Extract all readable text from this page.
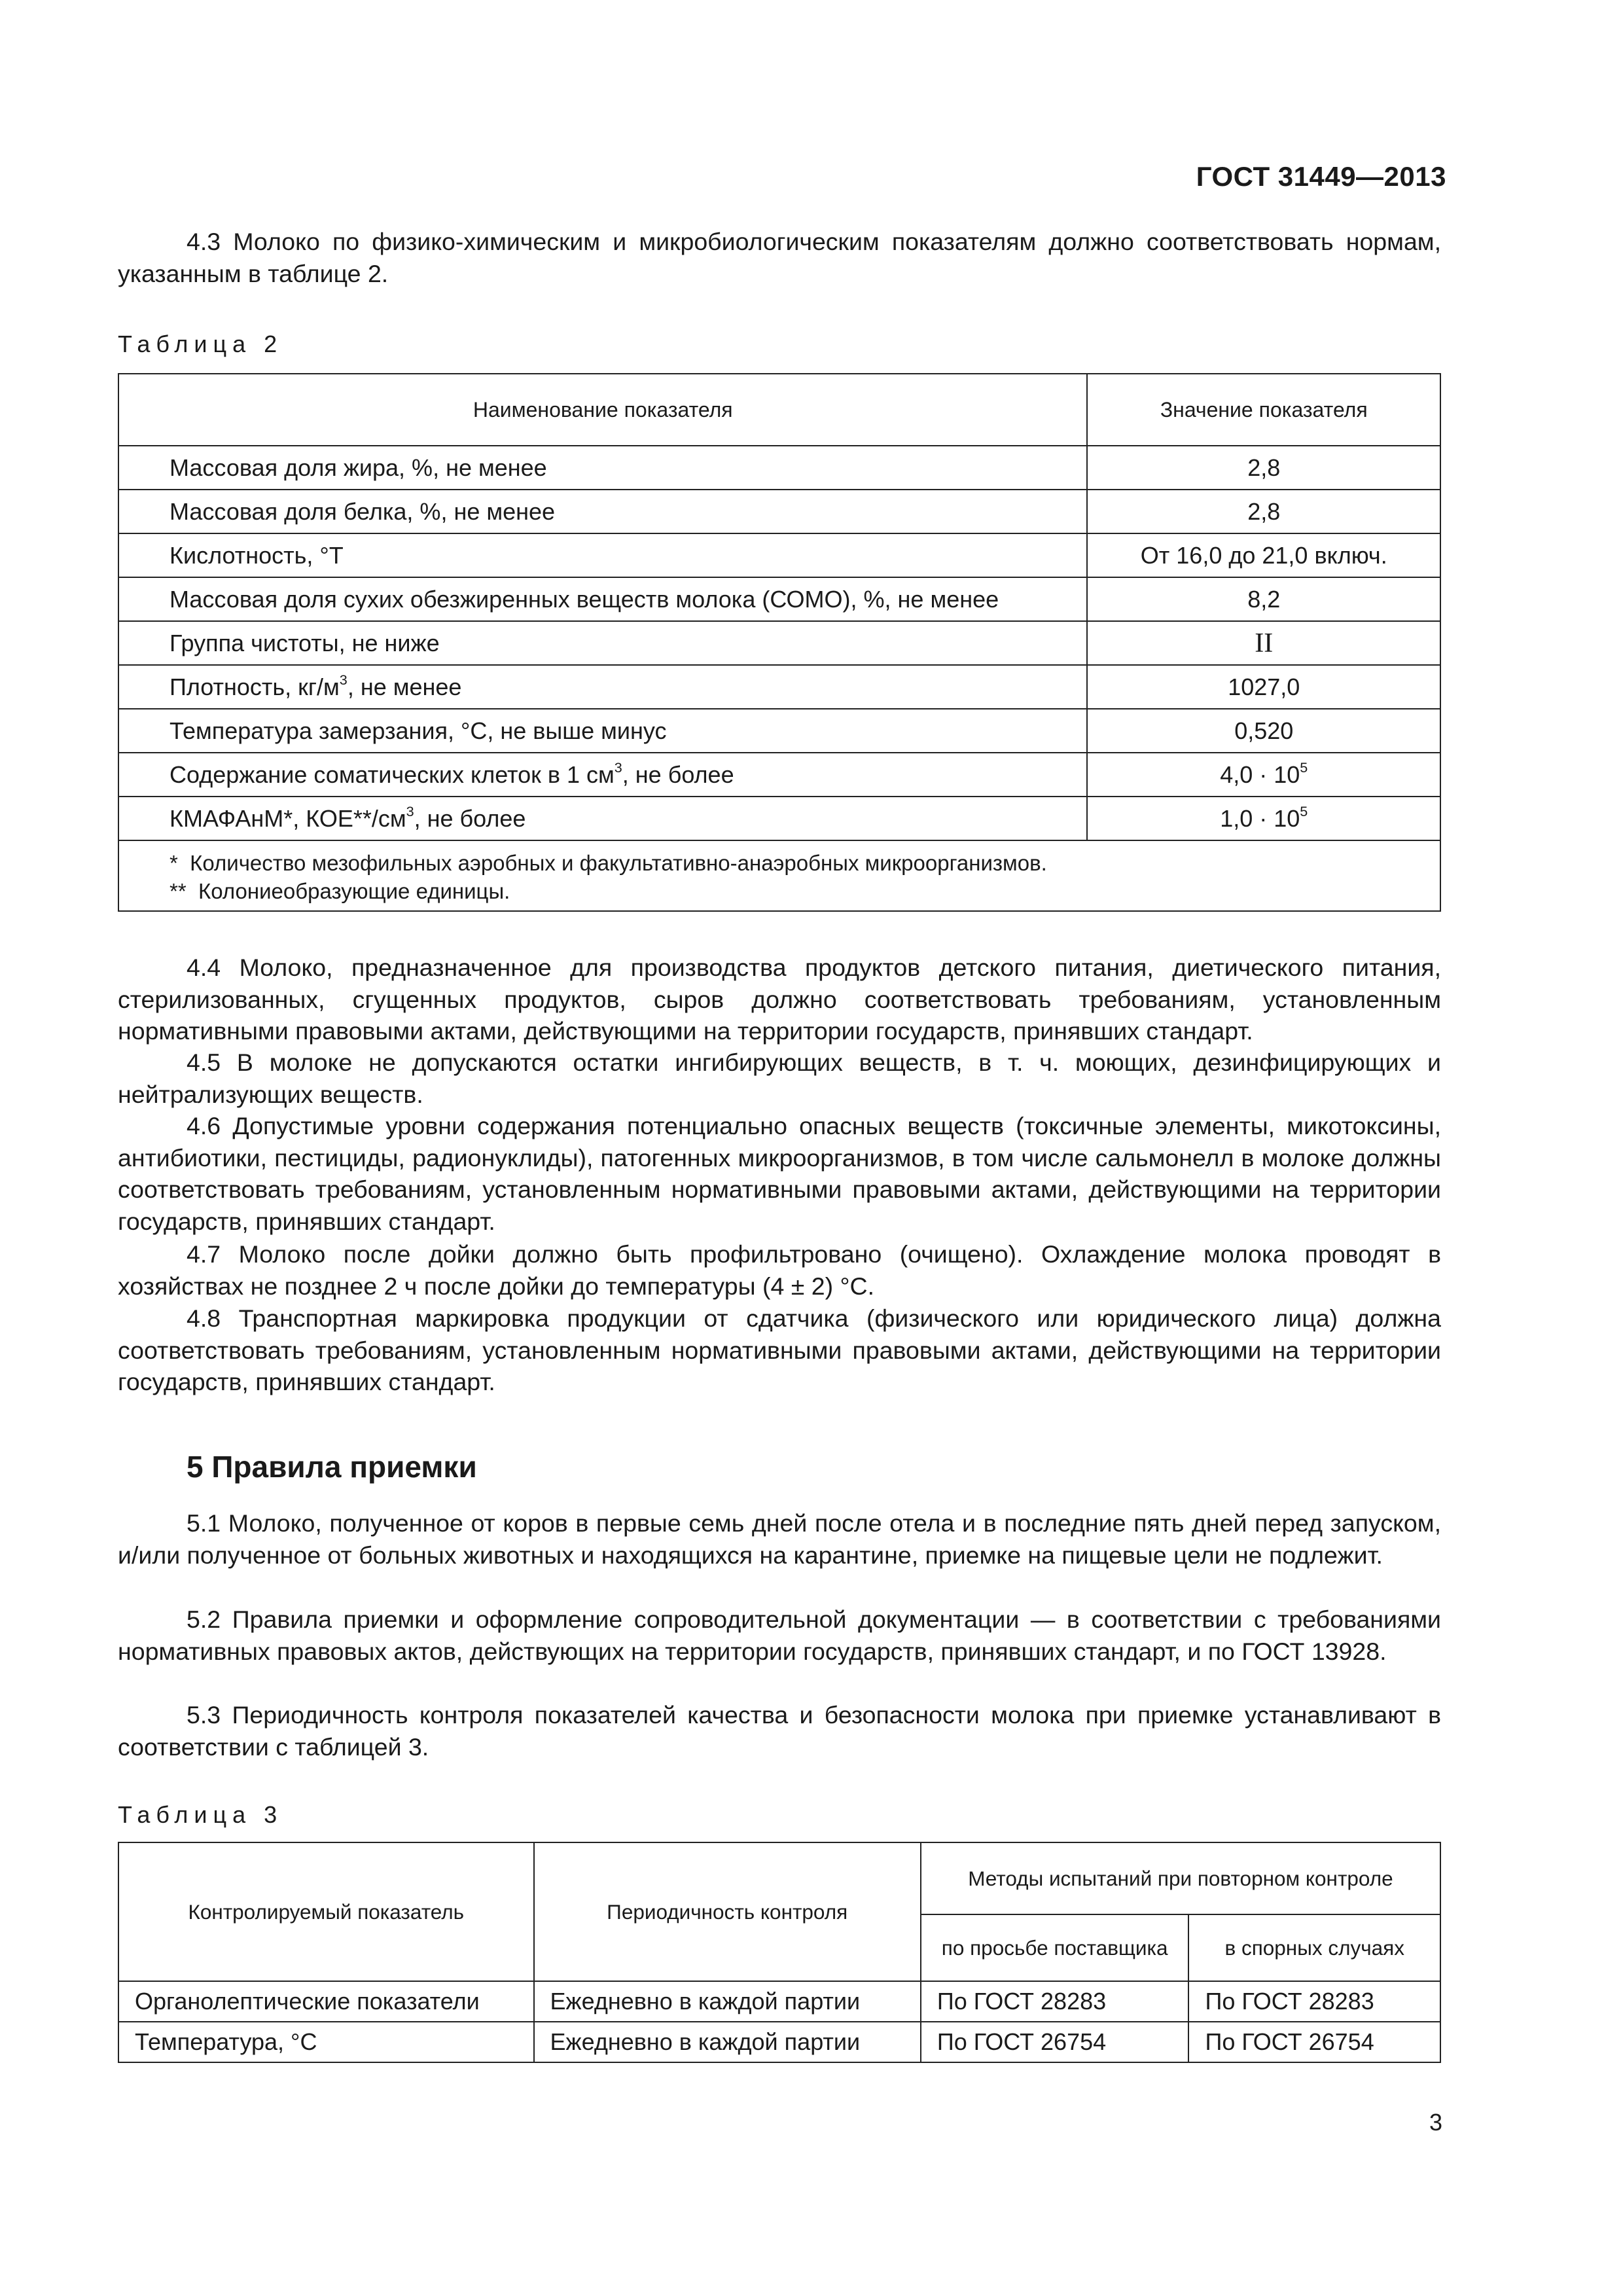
ГОСТ 31449—2013
4.3 Молоко по физико-химическим и микробиологическим показателям должно соответствовать нормам, указанным в таблице 2.
Таблица 2
Наименование показателя	Значение показателя
Массовая доля жира, %, не менее	2,8
Массовая доля белка, %, не менее	2,8
Кислотность, °Т	От 16,0 до 21,0 включ.
Массовая доля сухих обезжиренных веществ молока (СОМО), %, не менее	8,2
Группа чистоты, не ниже	II
Плотность, $кг/м^3$, не менее	1027,0
Температура замерзания, °С, не выше минус	0,520
Содержание соматических клеток в 1 $см^3$, не более	$4,0 \cdot 10^5$
КМАФАнМ*, $КОЕ**/см^3$, не более	$1,0 \cdot 10^5$

*  Количество мезофильных аэробных и факультативно-анаэробных микроорганизмов.
**  Колониеобразующие единицы.	
4.4 Молоко, предназначенное для производства продуктов детского питания, диетического питания, стерилизованных, сгущенных продуктов, сыров должно соответствовать требованиям, установленным нормативными правовыми актами, действующими на территории государств, принявших стандарт.
4.5 В молоке не допускаются остатки ингибирующих веществ, в т. ч. моющих, дезинфицирующих и нейтрализующих веществ.
4.6 Допустимые уровни содержания потенциально опасных веществ (токсичные элементы, микотоксины, антибиотики, пестициды, радионуклиды), патогенных микроорганизмов, в том числе сальмонелл в молоке должны соответствовать требованиям, установленным нормативными правовыми актами, действующими на территории государств, принявших стандарт.
4.7 Молоко после дойки должно быть профильтровано (очищено). Охлаждение молока проводят в хозяйствах не позднее 2 ч после дойки до температуры (4 ± 2) °С.
4.8 Транспортная маркировка продукции от сдатчика (физического или юридического лица) должна соответствовать требованиям, установленным нормативными правовыми актами, действующими на территории государств, принявших стандарт.
5 Правила приемки
5.1 Молоко, полученное от коров в первые семь дней после отела и в последние пять дней перед запуском, и/или полученное от больных животных и находящихся на карантине, приемке на пищевые цели не подлежит.
5.2 Правила приемки и оформление сопроводительной документации — в соответствии с требованиями нормативных правовых актов, действующих на территории государств, принявших стандарт, и по ГОСТ 13928.
5.3 Периодичность контроля показателей качества и безопасности молока при приемке устанавливают в соответствии с таблицей 3.
Таблица 3
Контролируемый показатель	Периодичность контроля	Методы испытаний при повторном контроле	
		по просьбе поставщика	в спорных случаях
Органолептические показатели	Ежедневно в каждой партии	По ГОСТ 28283	По ГОСТ 28283
Температура, °С	Ежедневно в каждой партии	По ГОСТ 26754	По ГОСТ 26754
3
